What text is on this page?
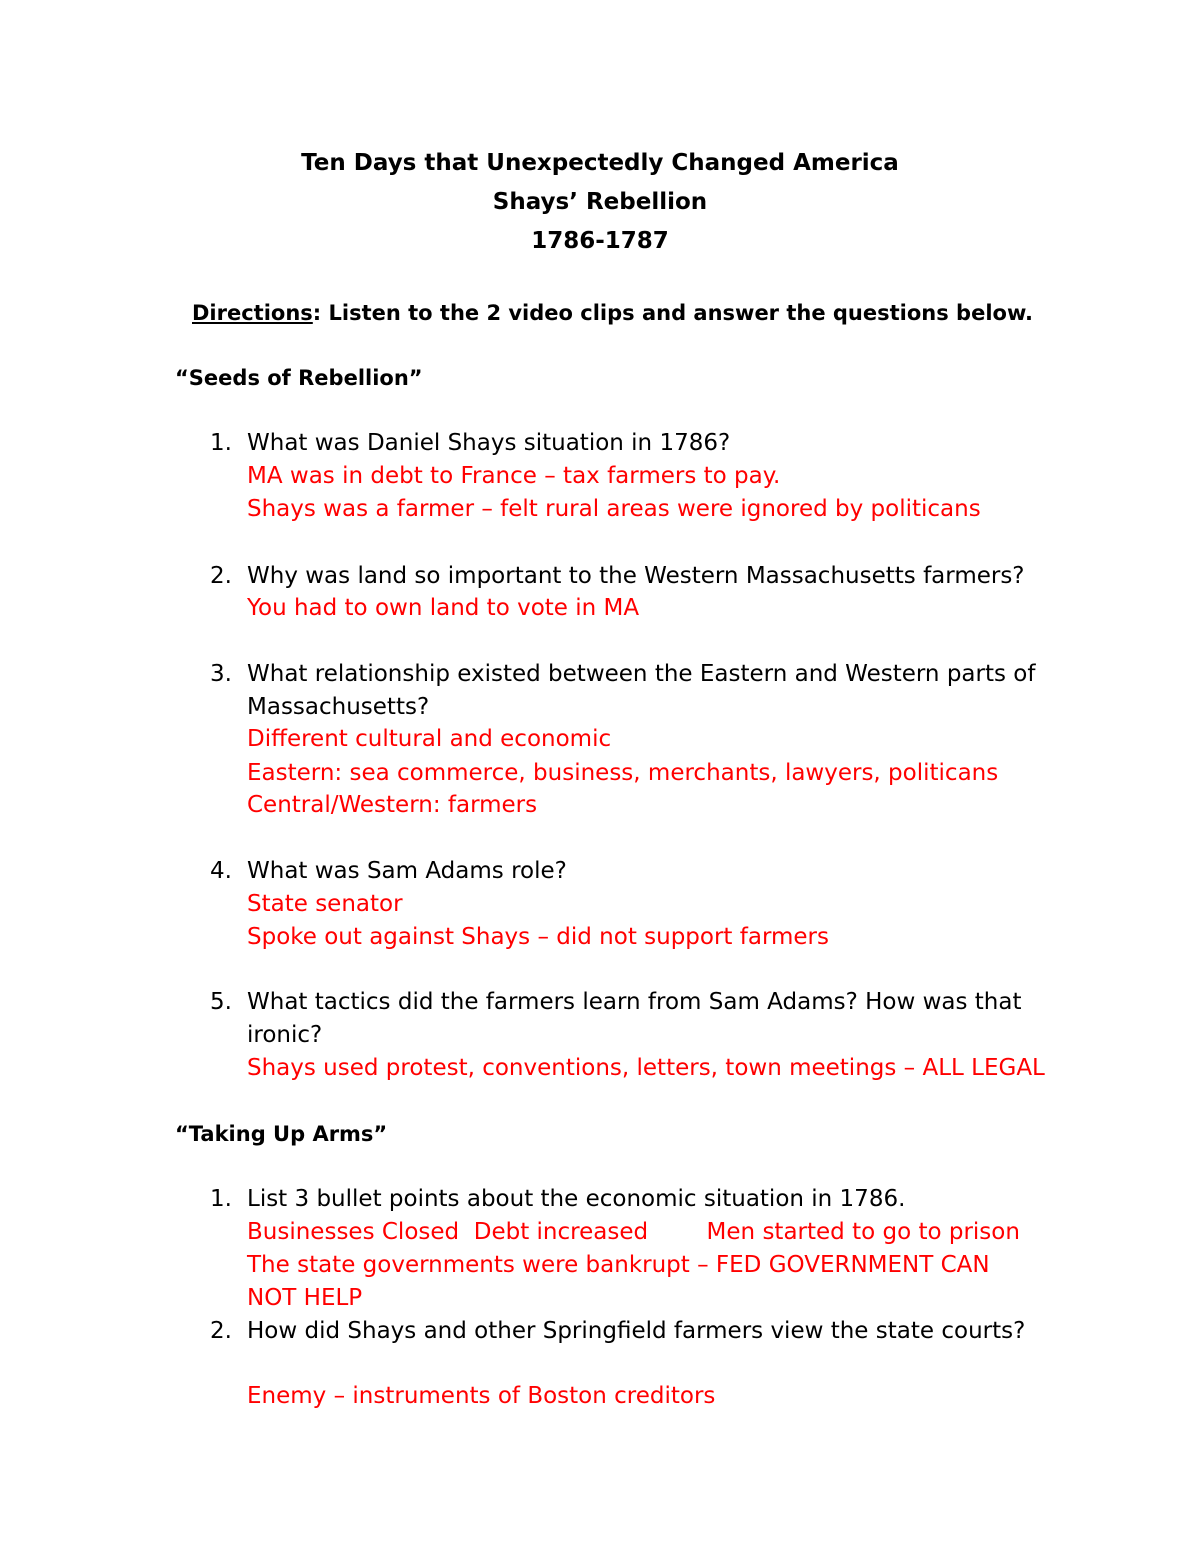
Ten Days that Unexpectedly Changed America
Shays’ Rebellion
1786-1787
Directions: Listen to the 2 video clips and answer the questions below.
“Seeds of Rebellion”
1. What was Daniel Shays situation in 1786?
MA was in debt to France – tax farmers to pay.
Shays was a farmer – felt rural areas were ignored by politicans
2. Why was land so important to the Western Massachusetts farmers?
You had to own land to vote in MA
3. What relationship existed between the Eastern and Western parts of
Massachusetts?
Different cultural and economic
Eastern: sea commerce, business, merchants, lawyers, politicans
Central/Western: farmers
4. What was Sam Adams role?
State senator
Spoke out against Shays – did not support farmers
5. What tactics did the farmers learn from Sam Adams? How was that
ironic?
Shays used protest, conventions, letters, town meetings – ALL LEGAL
“Taking Up Arms”
1. List 3 bullet points about the economic situation in 1786.
Businesses Closed  Debt increased        Men started to go to prison
The state governments were bankrupt – FED GOVERNMENT CAN
NOT HELP
2. How did Shays and other Springfield farmers view the state courts?
Enemy – instruments of Boston creditors
